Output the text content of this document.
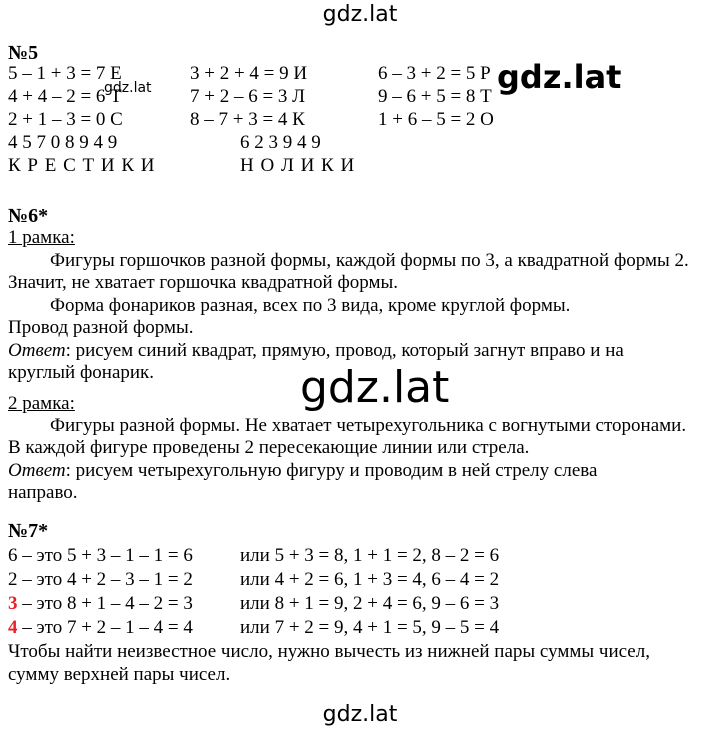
gdz.lat
№5
5 – 1 + 3 = 7 Е	3 + 2 + 4 = 9 И	6 – 3 + 2 = 5 Р
4 + 4 – 2 = 6 Т	7 + 2 – 6 = 3 Л	9 – 6 + 5 = 8 Т
2 + 1 – 3 = 0 С	8 – 7 + 3 = 4 К	1 + 6 – 5 = 2 О
4 5 7 0 8 9 4 9	6 2 3 9 4 9
К Р Е С Т И К И	Н О Л И К И
gdz.lat	gdz.lat
№6*
1 рамка:
Фигуры горшочков разной формы, каждой формы по 3, а квадратной формы 2.
Значит, не хватает горшочка квадратной формы.
Форма фонариков разная, всех по 3 вида, кроме круглой формы.
Провод разной формы.
Ответ: рисуем синий квадрат, прямую, провод, который загнут вправо и на
круглый фонарик.
2 рамка:
Фигуры разной формы. Не хватает четырехугольника с вогнутыми сторонами.
В каждой фигуре проведены 2 пересекающие линии или стрела.
Ответ: рисуем четырехугольную фигуру и проводим в ней стрелу слева
направо.
gdz.lat
№7*
6 – это 5 + 3 – 1 – 1 = 6 или 5 + 3 = 8, 1 + 1 = 2, 8 – 2 = 6
2 – это 4 + 2 – 3 – 1 = 2 или 4 + 2 = 6, 1 + 3 = 4, 6 – 4 = 2
3 – это 8 + 1 – 4 – 2 = 3 или 8 + 1 = 9, 2 + 4 = 6, 9 – 6 = 3
4 – это 7 + 2 – 1 – 4 = 4 или 7 + 2 = 9, 4 + 1 = 5, 9 – 5 = 4
Чтобы найти неизвестное число, нужно вычесть из нижней пары суммы чисел,
сумму верхней пары чисел.
gdz.lat
